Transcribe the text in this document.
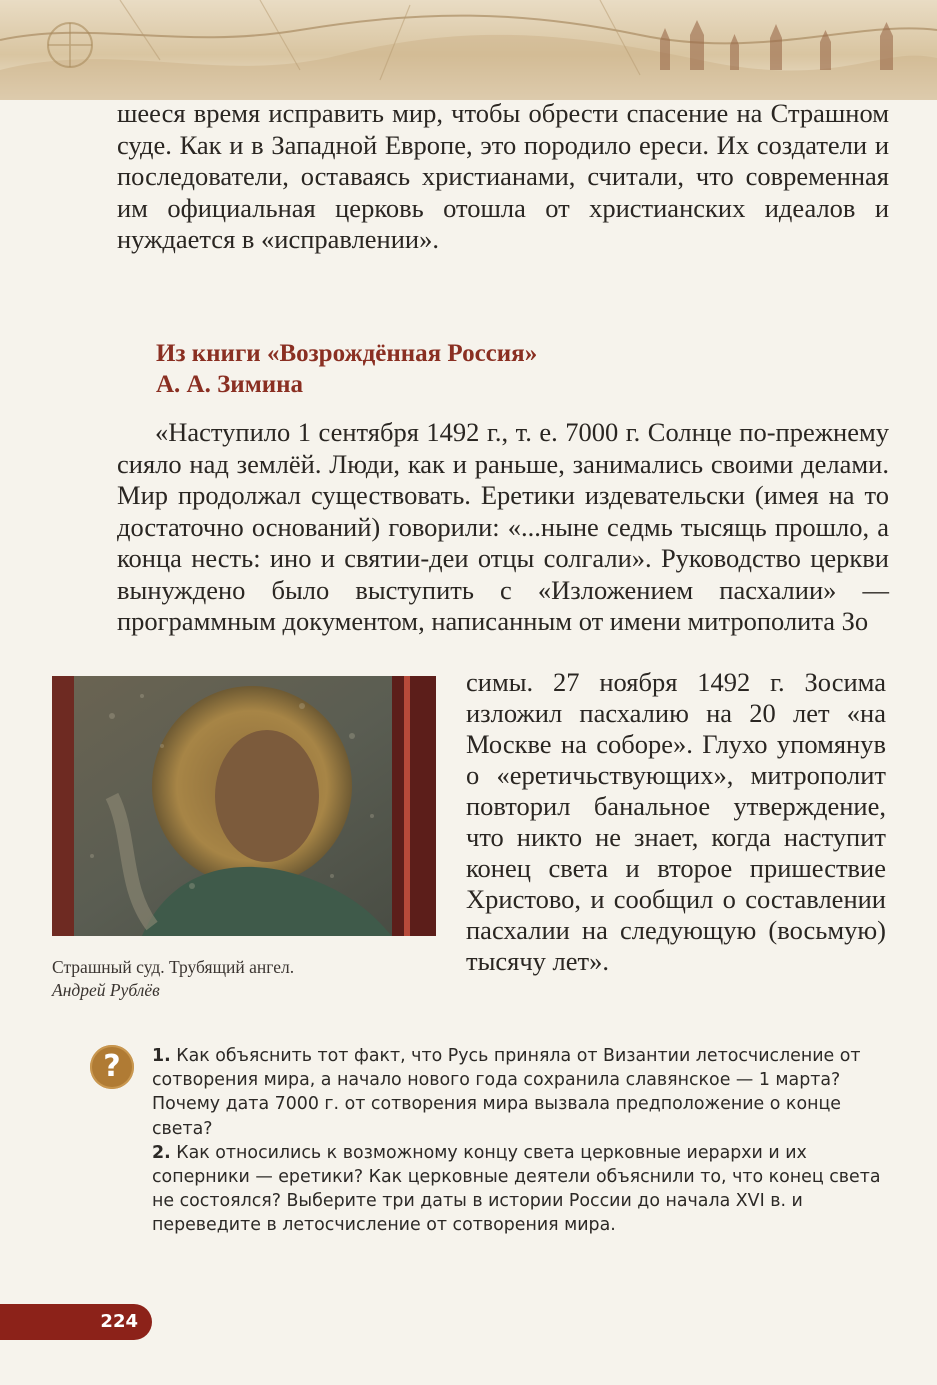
шееся время исправить мир, чтобы обрести спасение на Страшном суде. Как и в Западной Европе, это породило ереси. Их создатели и последователи, оставаясь христианами, считали, что современная им официальная церковь отошла от христианских идеалов и нуждается в «исправлении».

Из книги «Возрождённая Россия»
А. А. Зимина

«Наступило 1 сентября 1492 г., т. е. 7000 г. Солнце по-прежнему сияло над землёй. Люди, как и раньше, занимались своими делами. Мир продолжал существовать. Еретики издевательски (имея на то достаточно оснований) говорили: «...ныне седмь тысящь прошло, а конца несть: ино и святии-деи отцы солгали». Руководство церкви вынуждено было выступить с «Изложением пасхалии» — программным документом, написанным от имени митрополита Зо

симы. 27 ноября 1492 г. Зосима изложил пасхалию на 20 лет «на Москве на соборе». Глухо упомянув о «еретичьствующих», митрополит повторил банальное утверждение, что никто не знает, когда наступит конец света и второе пришествие Христово, и сообщил о составлении пасхалии на следующую (восьмую) тысячу лет».

Страшный суд. Трубящий ангел.
Андрей Рублёв
?	1. Как объяснить тот факт, что Русь приняла от Византии летосчисление от сотворения мира, а начало нового года сохранила славянское — 1 марта? Почему дата 7000 г. от сотворения мира вызвала предположение о конце света?

2. Как относились к возможному концу света церковные иерархи и их соперники — еретики? Как церковные деятели объяснили то, что конец света не состоялся? Выберите три даты в истории России до начала XVI в. и переведите в летосчисление от сотворения мира.

224
